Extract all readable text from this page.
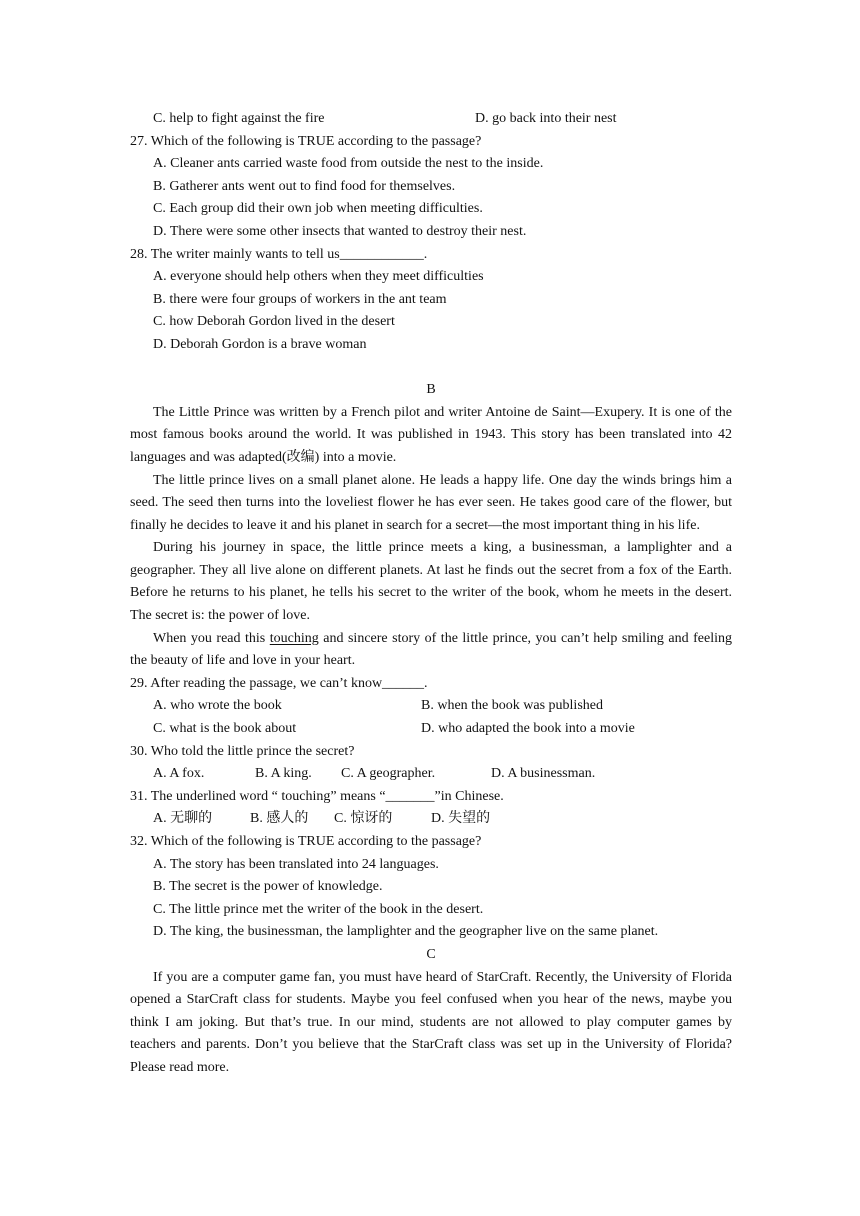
C. help to fight against the fire	D. go back into their nest
27. Which of the following is TRUE according to the passage?
A. Cleaner ants carried waste food from outside the nest to the inside.
B. Gatherer ants went out to find food for themselves.
C. Each group did their own job when meeting difficulties.
D. There were some other insects that wanted to destroy their nest.
28. The writer mainly wants to tell us____________.
A. everyone should help others when they meet difficulties
B. there were four groups of workers in the ant team
C. how Deborah Gordon lived in the desert
D. Deborah Gordon is a brave woman
B
The Little Prince was written by a French pilot and writer Antoine de Saint—Exupery. It is one of the most famous books around the world. It was published in 1943. This story has been translated into 42 languages and was adapted(改编) into a movie.
The little prince lives on a small planet alone. He leads a happy life. One day the winds brings him a seed. The seed then turns into the loveliest flower he has ever seen. He takes good care of the flower, but finally he decides to leave it and his planet in search for a secret—the most important thing in his life.
During his journey in space, the little prince meets a king, a businessman, a lamplighter and a geographer. They all live alone on different planets. At last he finds out the secret from a fox of the Earth. Before he returns to his planet, he tells his secret to the writer of the book, whom he meets in the desert. The secret is: the power of love.
When you read this touching and sincere story of the little prince, you can’t help smiling and feeling the beauty of life and love in your heart.
29. After reading the passage, we can’t know______.
A. who wrote the book	B. when the book was published
C. what is the book about	D. who adapted the book into a movie
30. Who told the little prince the secret?
A. A fox.	B. A king. C. A geographer.	D. A businessman.
31. The underlined word “ touching” means “_______”in Chinese.
A. 无聊的	B. 感人的 C. 惊讶的	D. 失望的
32. Which of the following is TRUE according to the passage?
A. The story has been translated into 24 languages.
B. The secret is the power of knowledge.
C. The little prince met the writer of the book in the desert.
D. The king, the businessman, the lamplighter and the geographer live on the same planet.
C
If you are a computer game fan, you must have heard of StarCraft. Recently, the University of Florida opened a StarCraft class for students. Maybe you feel confused when you hear of the news, maybe you think I am joking. But that’s true. In our mind, students are not allowed to play computer games by teachers and parents. Don’t you believe that the StarCraft class was set up in the University of Florida? Please read more.
